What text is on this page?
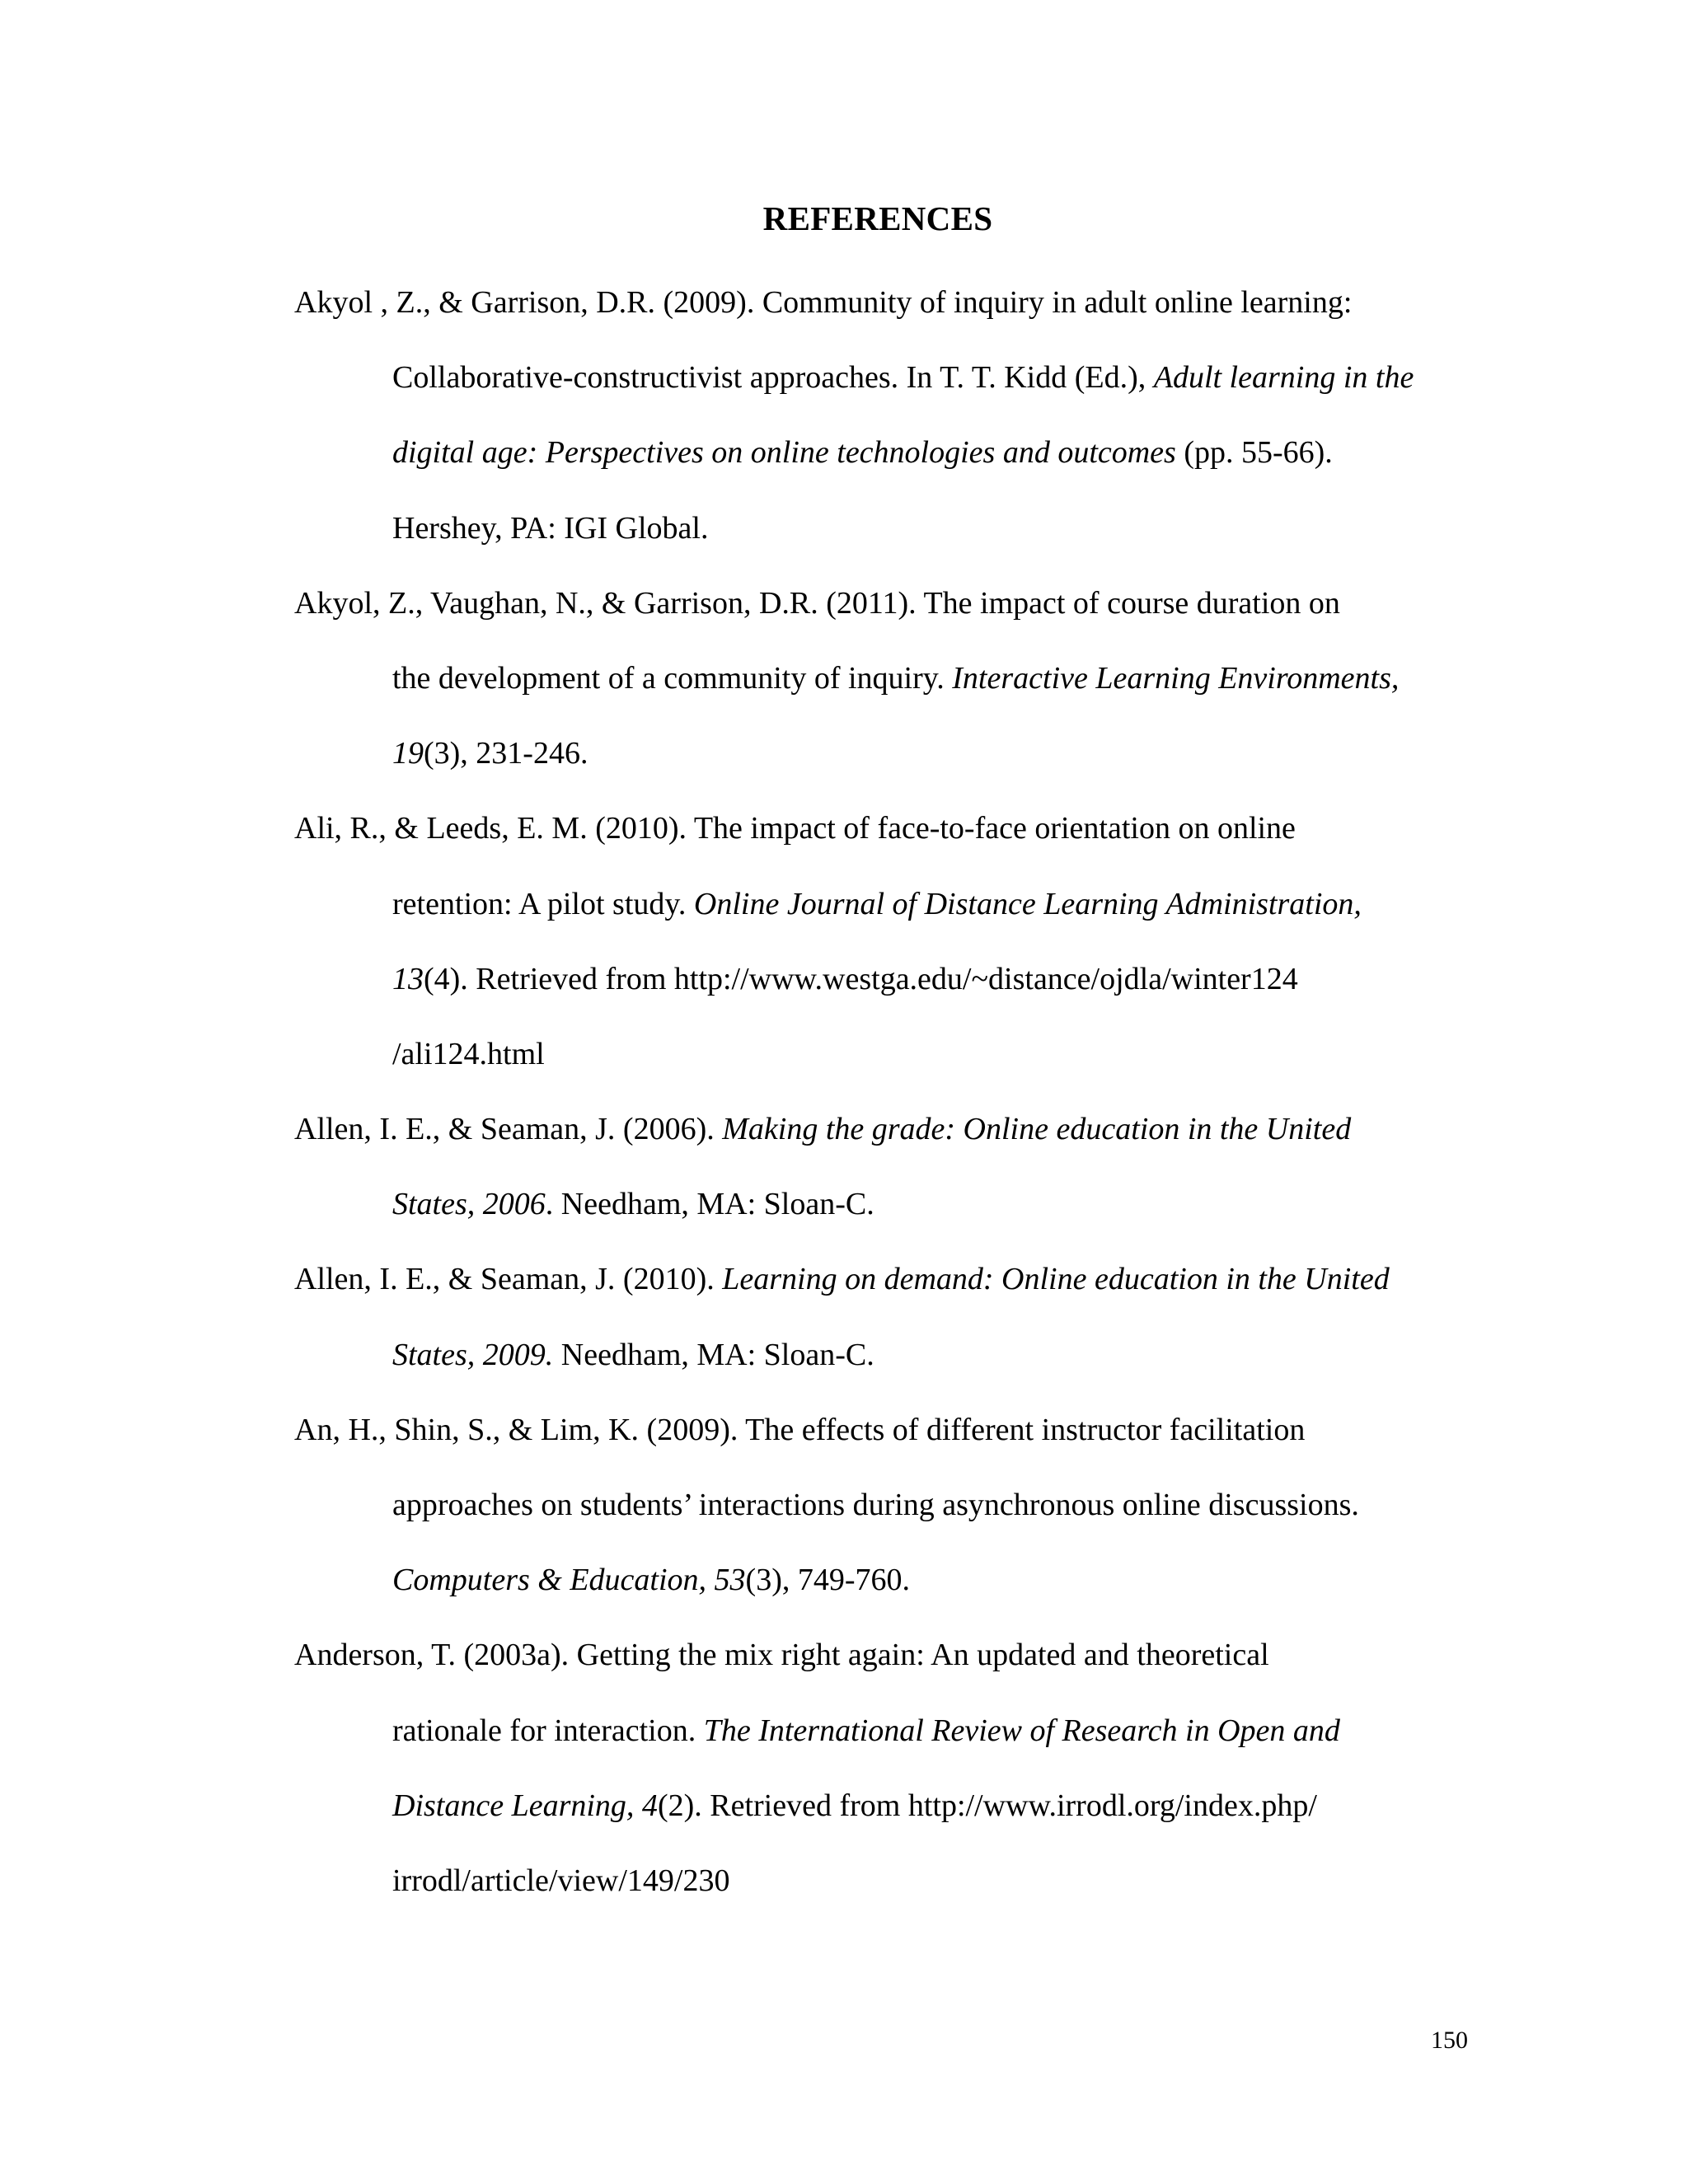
REFERENCES

Akyol , Z., & Garrison, D.R. (2009). Community of inquiry in adult online learning:
Collaborative-constructivist approaches. In T. T. Kidd (Ed.), Adult learning in the
digital age: Perspectives on online technologies and outcomes (pp. 55-66).
Hershey, PA: IGI Global.

Akyol, Z., Vaughan, N., & Garrison, D.R. (2011). The impact of course duration on
the development of a community of inquiry. Interactive Learning Environments,
19(3), 231-246.

Ali, R., & Leeds, E. M. (2010). The impact of face-to-face orientation on online
retention: A pilot study. Online Journal of Distance Learning Administration,
13(4). Retrieved from http://www.westga.edu/~distance/ojdla/winter124
/ali124.html

Allen, I. E., & Seaman, J. (2006). Making the grade: Online education in the United
States, 2006. Needham, MA: Sloan-C.

Allen, I. E., & Seaman, J. (2010). Learning on demand: Online education in the United
States, 2009. Needham, MA: Sloan-C.

An, H., Shin, S., & Lim, K. (2009). The effects of different instructor facilitation
approaches on students’ interactions during asynchronous online discussions.
Computers & Education, 53(3), 749-760.

Anderson, T. (2003a). Getting the mix right again: An updated and theoretical
rationale for interaction. The International Review of Research in Open and
Distance Learning, 4(2). Retrieved from http://www.irrodl.org/index.php/
irrodl/article/view/149/230

150
